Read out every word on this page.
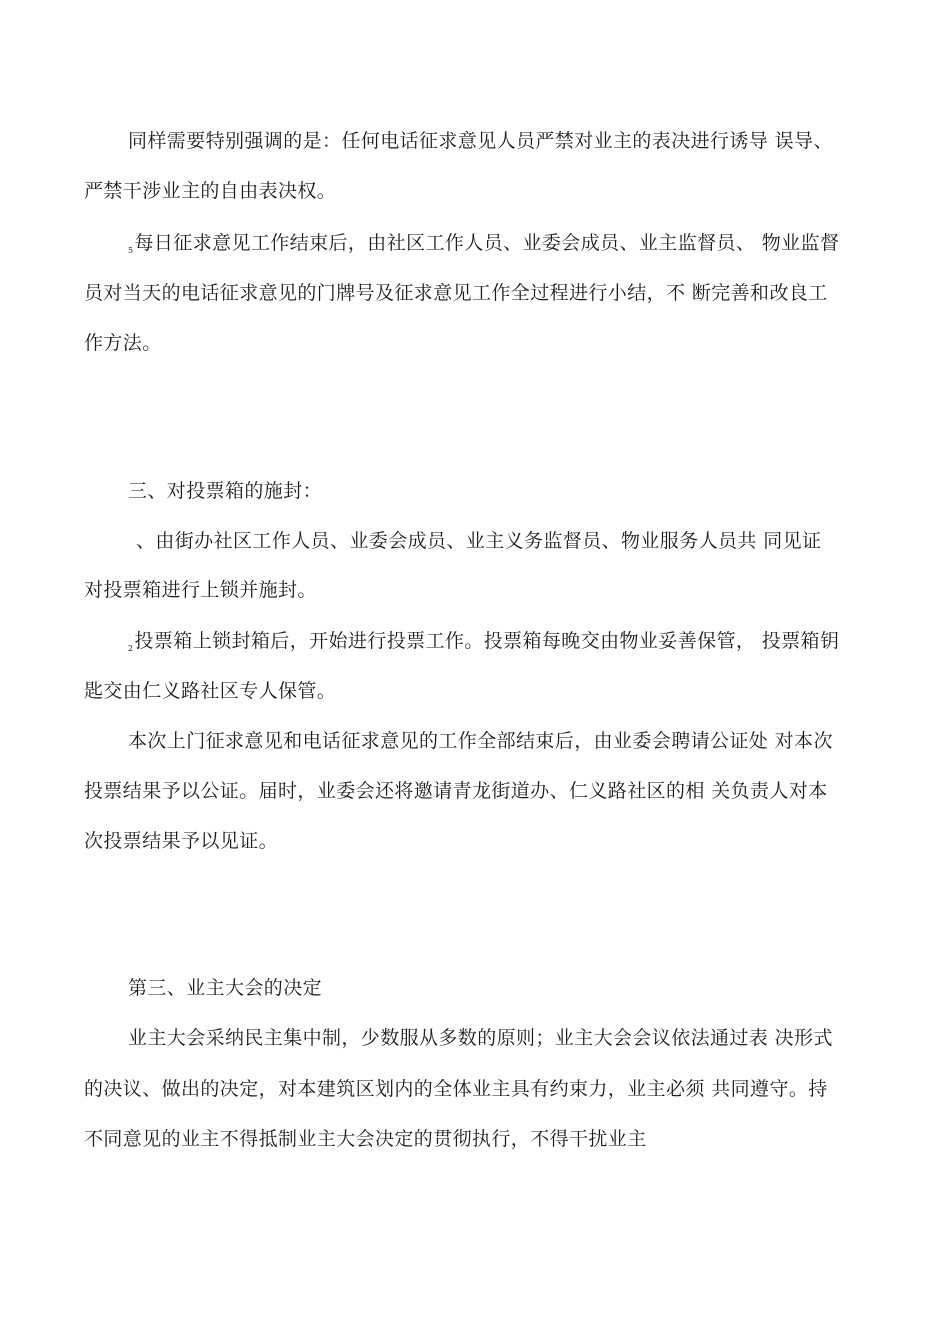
同样需要特别强调的是：任何电话征求意见人员严禁对业主的表决进行诱导 误导、
严禁干涉业主的自由表决权。
$_5$每日征求意见工作结束后，由社区工作人员、业委会成员、业主监督员、 物业监督
员对当天的电话征求意见的门牌号及征求意见工作全过程进行小结，不 断完善和改良工
作方法。
三、对投票箱的施封：
、由街办社区工作人员、业委会成员、业主义务监督员、物业服务人员共 同见证
对投票箱进行上锁并施封。
$_2$投票箱上锁封箱后，开始进行投票工作。投票箱每晚交由物业妥善保管， 投票箱钥
匙交由仁义路社区专人保管。
本次上门征求意见和电话征求意见的工作全部结束后，由业委会聘请公证处 对本次
投票结果予以公证。届时，业委会还将邀请青龙街道办、仁义路社区的相 关负责人对本
次投票结果予以见证。
第三、业主大会的决定
业主大会采纳民主集中制，少数服从多数的原则；业主大会会议依法通过表 决形式
的决议、做出的决定，对本建筑区划内的全体业主具有约束力，业主必须 共同遵守。持
不同意见的业主不得抵制业主大会决定的贯彻执行，不得干扰业主
